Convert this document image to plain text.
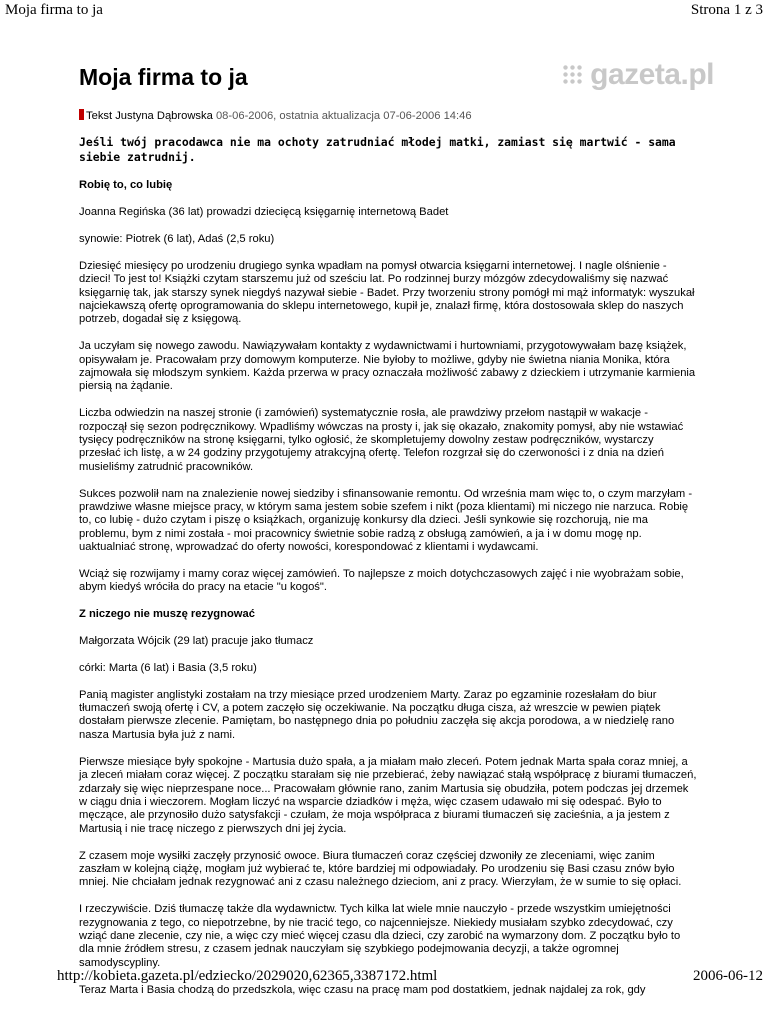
Moja firma to ja	Strona 1 z 3
gazeta.pl
Moja firma to ja
Tekst Justyna Dąbrowska 08-06-2006, ostatnia aktualizacja 07-06-2006 14:46
Jeśli twój pracodawca nie ma ochoty zatrudniać młodej matki, zamiast się martwić - sama siebie zatrudnij.

Robię to, co lubię

Joanna Regińska (36 lat) prowadzi dziecięcą księgarnię internetową Badet

synowie: Piotrek (6 lat), Adaś (2,5 roku)

Dziesięć miesięcy po urodzeniu drugiego synka wpadłam na pomysł otwarcia księgarni internetowej. I nagle olśnienie - dzieci! To jest to! Książki czytam starszemu już od sześciu lat. Po rodzinnej burzy mózgów zdecydowaliśmy się nazwać księgarnię tak, jak starszy synek niegdyś nazywał siebie - Badet. Przy tworzeniu strony pomógł mi mąż informatyk: wyszukał najciekawszą ofertę oprogramowania do sklepu internetowego, kupił je, znalazł firmę, która dostosowała sklep do naszych potrzeb, dogadał się z księgową.

Ja uczyłam się nowego zawodu. Nawiązywałam kontakty z wydawnictwami i hurtowniami, przygotowywałam bazę książek, opisywałam je. Pracowałam przy domowym komputerze. Nie byłoby to możliwe, gdyby nie świetna niania Monika, która zajmowała się młodszym synkiem. Każda przerwa w pracy oznaczała możliwość zabawy z dzieckiem i utrzymanie karmienia piersią na żądanie.

Liczba odwiedzin na naszej stronie (i zamówień) systematycznie rosła, ale prawdziwy przełom nastąpił w wakacje - rozpoczął się sezon podręcznikowy. Wpadliśmy wówczas na prosty i, jak się okazało, znakomity pomysł, aby nie wstawiać tysięcy podręczników na stronę księgarni, tylko ogłosić, że skompletujemy dowolny zestaw podręczników, wystarczy przesłać ich listę, a w 24 godziny przygotujemy atrakcyjną ofertę. Telefon rozgrzał się do czerwoności i z dnia na dzień musieliśmy zatrudnić pracowników.

Sukces pozwolił nam na znalezienie nowej siedziby i sfinansowanie remontu. Od września mam więc to, o czym marzyłam - prawdziwe własne miejsce pracy, w którym sama jestem sobie szefem i nikt (poza klientami) mi niczego nie narzuca. Robię to, co lubię - dużo czytam i piszę o książkach, organizuję konkursy dla dzieci. Jeśli synkowie się rozchorują, nie ma problemu, bym z nimi została - moi pracownicy świetnie sobie radzą z obsługą zamówień, a ja i w domu mogę np. uaktualniać stronę, wprowadzać do oferty nowości, korespondować z klientami i wydawcami.

Wciąż się rozwijamy i mamy coraz więcej zamówień. To najlepsze z moich dotychczasowych zajęć i nie wyobrażam sobie, abym kiedyś wróciła do pracy na etacie "u kogoś".

Z niczego nie muszę rezygnować

Małgorzata Wójcik (29 lat) pracuje jako tłumacz

córki: Marta (6 lat) i Basia (3,5 roku)

Panią magister anglistyki zostałam na trzy miesiące przed urodzeniem Marty. Zaraz po egzaminie rozesłałam do biur tłumaczeń swoją ofertę i CV, a potem zaczęło się oczekiwanie. Na początku długa cisza, aż wreszcie w pewien piątek dostałam pierwsze zlecenie. Pamiętam, bo następnego dnia po południu zaczęła się akcja porodowa, a w niedzielę rano nasza Martusia była już z nami.

Pierwsze miesiące były spokojne - Martusia dużo spała, a ja miałam mało zleceń. Potem jednak Marta spała coraz mniej, a ja zleceń miałam coraz więcej. Z początku starałam się nie przebierać, żeby nawiązać stałą współpracę z biurami tłumaczeń, zdarzały się więc nieprzespane noce... Pracowałam głównie rano, zanim Martusia się obudziła, potem podczas jej drzemek w ciągu dnia i wieczorem. Mogłam liczyć na wsparcie dziadków i męża, więc czasem udawało mi się odespać. Było to męczące, ale przynosiło dużo satysfakcji - czułam, że moja współpraca z biurami tłumaczeń się zacieśnia, a ja jestem z Martusią i nie tracę niczego z pierwszych dni jej życia.

Z czasem moje wysiłki zaczęły przynosić owoce. Biura tłumaczeń coraz częściej dzwoniły ze zleceniami, więc zanim zaszłam w kolejną ciążę, mogłam już wybierać te, które bardziej mi odpowiadały. Po urodzeniu się Basi czasu znów było mniej. Nie chciałam jednak rezygnować ani z czasu należnego dzieciom, ani z pracy. Wierzyłam, że w sumie to się opłaci.

I rzeczywiście. Dziś tłumaczę także dla wydawnictw. Tych kilka lat wiele mnie nauczyło - przede wszystkim umiejętności rezygnowania z tego, co niepotrzebne, by nie tracić tego, co najcenniejsze. Niekiedy musiałam szybko zdecydować, czy wziąć dane zlecenie, czy nie, a więc czy mieć więcej czasu dla dzieci, czy zarobić na wymarzony dom. Z początku było to dla mnie źródłem stresu, z czasem jednak nauczyłam się szybkiego podejmowania decyzji, a także ogromnej samodyscypliny.

Teraz Marta i Basia chodzą do przedszkola, więc czasu na pracę mam pod dostatkiem, jednak najdalej za rok, gdy

http://kobieta.gazeta.pl/edziecko/2029020,62365,3387172.html	2006-06-12
